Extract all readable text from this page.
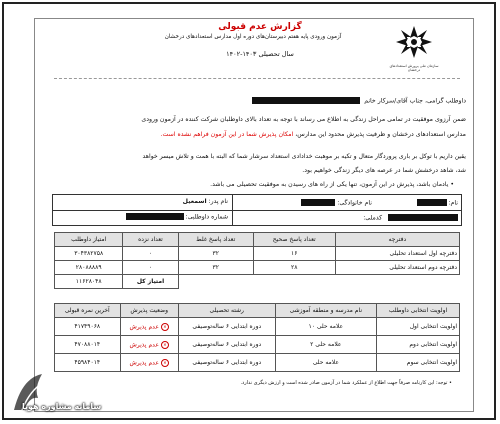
گزارش عدم قبولی
آزمون ورودی پایه هفتم دبیرستان‌های دوره اول مدارس استعدادهای درخشان
سال تحصیلی ۱۴۰۳-۱۴۰۲
سازمان ملی پرورش استعدادهای درخشان
داوطلب گرامی، جناب آقای/سرکار خانم
ضمن آرزوی موفقیت در تمامی مراحل زندگی به اطلاع می رساند با توجه به تعداد بالای داوطلبان شرکت کننده در آزمون ورودی
مدارس استعدادهای درخشان و ظرفیت پذیرش محدود این مدارس، امکان پذیرش شما در این آزمون فراهم نشده است.
یقین داریم با توکل بر باری پروردگار متعال و تکیه بر موهبت خدادادی استعداد سرشار شما که البته با همت و تلاش میسر خواهد
شد، شاهد درخشش شما در عرصه های دیگر زندگی خواهیم بود.
• یادمان باشد، پذیرش در این آزمون، تنها یکی از راه های رسیدن به موفقیت تحصیلی می باشد.
نام:
نام خانوادگی:
نام پدر: اسمعیل
کدملی:
شماره داوطلبی:
دفترچه	تعداد پاسخ صحیح	تعداد پاسخ غلط	تعداد نزده	امتیاز داوطلب
دفترچه اول استعداد تحلیلی	۱۶	۳۲	۰	۳۰۴۳۸۲۷۵۸
دفترچه دوم استعداد تحلیلی	۲۸	۳۲	۰	۲۸۰۸۸۸۸۹
			امتیاز کل	۱۱۶۲۸۰۴۸
اولویت انتخابی داوطلب	نام مدرسه و منطقه آموزشی	رشته تحصیلی	وضعیت پذیرش	آخرین نمره قبولی
اولویت انتخابی اول	علامه حلی ۱۰	دوره ابتدایی ۶ ساله‌توصیفی	✕عدم پذیرش	۴۱۷۴۹۰۶۸
اولویت انتخابی دوم	علامه حلی ۲	دوره ابتدایی ۶ ساله‌توصیفی	✕عدم پذیرش	۴۷۰۸۸۰۱۴
اولویت انتخابی سوم	علامه حلی	دوره ابتدایی ۶ ساله‌توصیفی	✕عدم پذیرش	۴۵۹۸۴۰۱۴
• توجه: این کارنامه صرفاً جهت اطلاع از عملکرد شما در آزمون صادر شده است و ارزش دیگری ندارد.
سامانه مشاوره هوپا
